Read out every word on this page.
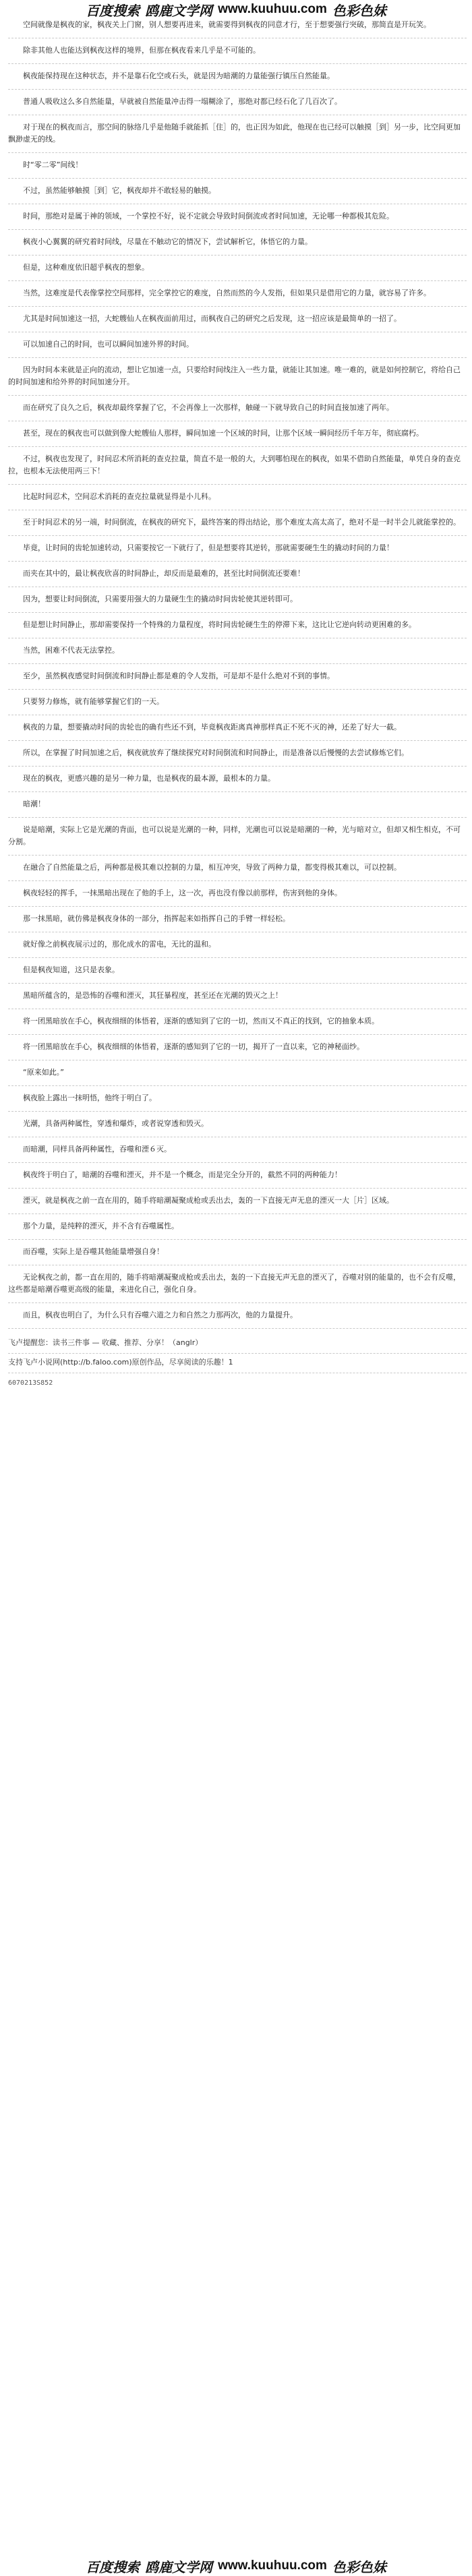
百度搜索 鸥鹿文学网 www.kuuhuu.com 色彩色妹

空间就像是枫夜的家，枫夜关上门窗，别人想要再进来，就需要得到枫夜的同意才行，至于想要强行突破，那简直是开玩笑。

除非其他人也能达到枫夜这样的境界，但那在枫夜看来几乎是不可能的。

枫夜能保持现在这种状态，并不是靠石化空或石头，就是因为暗潮的力量能强行镇压自然能量。

普通人吸收这么多自然能量，早就被自然能量冲击得一塌糊涂了，那绝对都已经石化了几百次了。

对于现在的枫夜而言，那空间的脉络几乎是他随手就能抓［住］的，也正因为如此，他现在也已经可以触摸［到］另一步，比空间更加飘渺虚无的线。

时“零二零”间线！

不过，虽然能够触摸［到］它，枫夜却并不敢轻易的触摸。

时间，那绝对是属于神的领域，一个掌控不好，说不定就会导致时间倒流或者时间加速，无论哪一种都极其危险。

枫夜小心翼翼的研究着时间线，尽量在不触动它的情况下，尝试解析它，体悟它的力量。

但是，这种难度依旧超乎枫夜的想象。

当然，这难度是代表像掌控空间那样，完全掌控它的难度，自然而然的今人发指，但如果只是借用它的力量，就容易了许多。

尤其是时间加速这一招，大蛇艘仙人在枫夜面前用过，而枫夜自己的研究之后发现，这一招应该是最简单的一招了。

可以加速自己的时间，也可以瞬间加速外界的时间。

因为时间本来就是正向的流动，想让它加速一点，只要给时间线注入一些力量，就能让其加速。唯一难的，就是如何控制它，将给自己的时间加速和给外界的时间加速分开。

而在研究了良久之后，枫夜却最终掌握了它，不会再像上一次那样，触碰一下就导致自己的时间直接加速了两年。

甚至，现在的枫夜也可以做到像大蛇艘仙人那样，瞬间加速一个区域的时间，让那个区域一瞬间经历千年万年，彻底腐朽。

不过，枫夜也发现了，时间忍术所消耗的查克拉量，简直不是一般的大，大到哪怕现在的枫夜，如果不借助自然能量，单凭自身的查克拉，也根本无法使用两三下！

比起时间忍术，空间忍术消耗的查克拉量就显得是小儿科。

至于时间忍术的另一端，时间倒流，在枫夜的研究下，最终答案的得出结论，那个难度太高太高了，绝对不是一时半会儿就能掌控的。

毕竟，让时间的齿轮加速转动，只需要按它一下就行了，但是想要将其逆转，那就需要硬生生的撬动时间的力量！

而夹在其中的，最让枫夜欣喜的时间静止，却反而是最难的，甚至比时间倒流还要难！

因为，想要让时间倒流，只需要用强大的力量硬生生的撬动时间齿轮使其逆转即可。

但是想让时间静止，那却需要保持一个特殊的力量程度，将时间齿轮硬生生的停滞下来，这比让它逆向转动更困难的多。

当然，困难不代表无法掌控。

至少，虽然枫夜感觉时间倒流和时间静止都是难的令人发指，可是却不是什么绝对不到的事情。

只要努力修炼，就有能够掌握它们的一天。

枫夜的力量，想要撬动时间的齿轮也的确有些还不到，毕竟枫夜距离真神那样真正不死不灭的神，还差了好大一截。

所以，在掌握了时间加速之后，枫夜就放弃了继续探究对时间倒流和时间静止，而是准备以后慢慢的去尝试修炼它们。

现在的枫夜，更感兴趣的是另一种力量，也是枫夜的最本源，最根本的力量。

暗潮！

说是暗潮，实际上它是光潮的背面，也可以说是光潮的一种，同样，光潮也可以说是暗潮的一种，光与暗对立，但却又相生相克，不可分割。

在融合了自然能量之后，两种都是极其难以控制的力量，相互冲突，导致了两种力量，都变得极其难以，可以控制。

枫夜轻轻的挥手，一抹黑暗出现在了他的手上，这一次，再也没有像以前那样，伤害到他的身体。

那一抹黑暗，就仿佛是枫夜身体的一部分，指挥起来如指挥自己的手臂一样轻松。

就好像之前枫夜展示过的，那化成水的雷电，无比的温和。

但是枫夜知道，这只是表象。

黑暗所蕴含的，是恐怖的吞噬和湮灭，其狂暴程度，甚至还在光潮的毁灭之上！

将一团黑暗放在手心，枫夜细细的体悟着，逐渐的感知到了它的一切，然而又不真正的找到，它的抽象本质。

将一团黑暗放在手心，枫夜细细的体悟着，逐渐的感知到了它的一切，揭开了一直以来，它的神秘面纱。

“原来如此。”

枫夜脸上露出一抹明悟，他终于明白了。

光潮，具备两种属性，穿透和爆炸，或者说穿透和毁灭。

而暗潮，同样具备两种属性，吞噬和湮６灭。

枫夜终于明白了，暗潮的吞噬和湮灭，并不是一个概念，而是完全分开的，截然不同的两种能力！

湮灭，就是枫夜之前一直在用的，随手将暗潮凝聚成枪或丢出去，轰的一下直接无声无息的湮灭一大［片］区域。

那个力量，是纯粹的湮灭，并不含有吞噬属性。

而吞噬，实际上是吞噬其他能量增强自身！

无论枫夜之前，都一直在用的，随手将暗潮凝聚成枪或丢出去，轰的一下直接无声无息的湮灭了，吞噬对别的能量的，也不会有反噬，这些都是暗潮吞噬更高级的能量，来进化自己，强化自身。

而且，枫夜也明白了，为什么只有吞噬六道之力和自然之力那两次，他的力量提升。

飞卢提醒您：读书三件事 — 收藏、推荐、分享！（anglr）
支持飞卢小说网(http://b.faloo.com)原创作品，尽享阅读的乐趣！1
6070213S852
百度搜索 鸥鹿文学网 www.kuuhuu.com 色彩色妹
